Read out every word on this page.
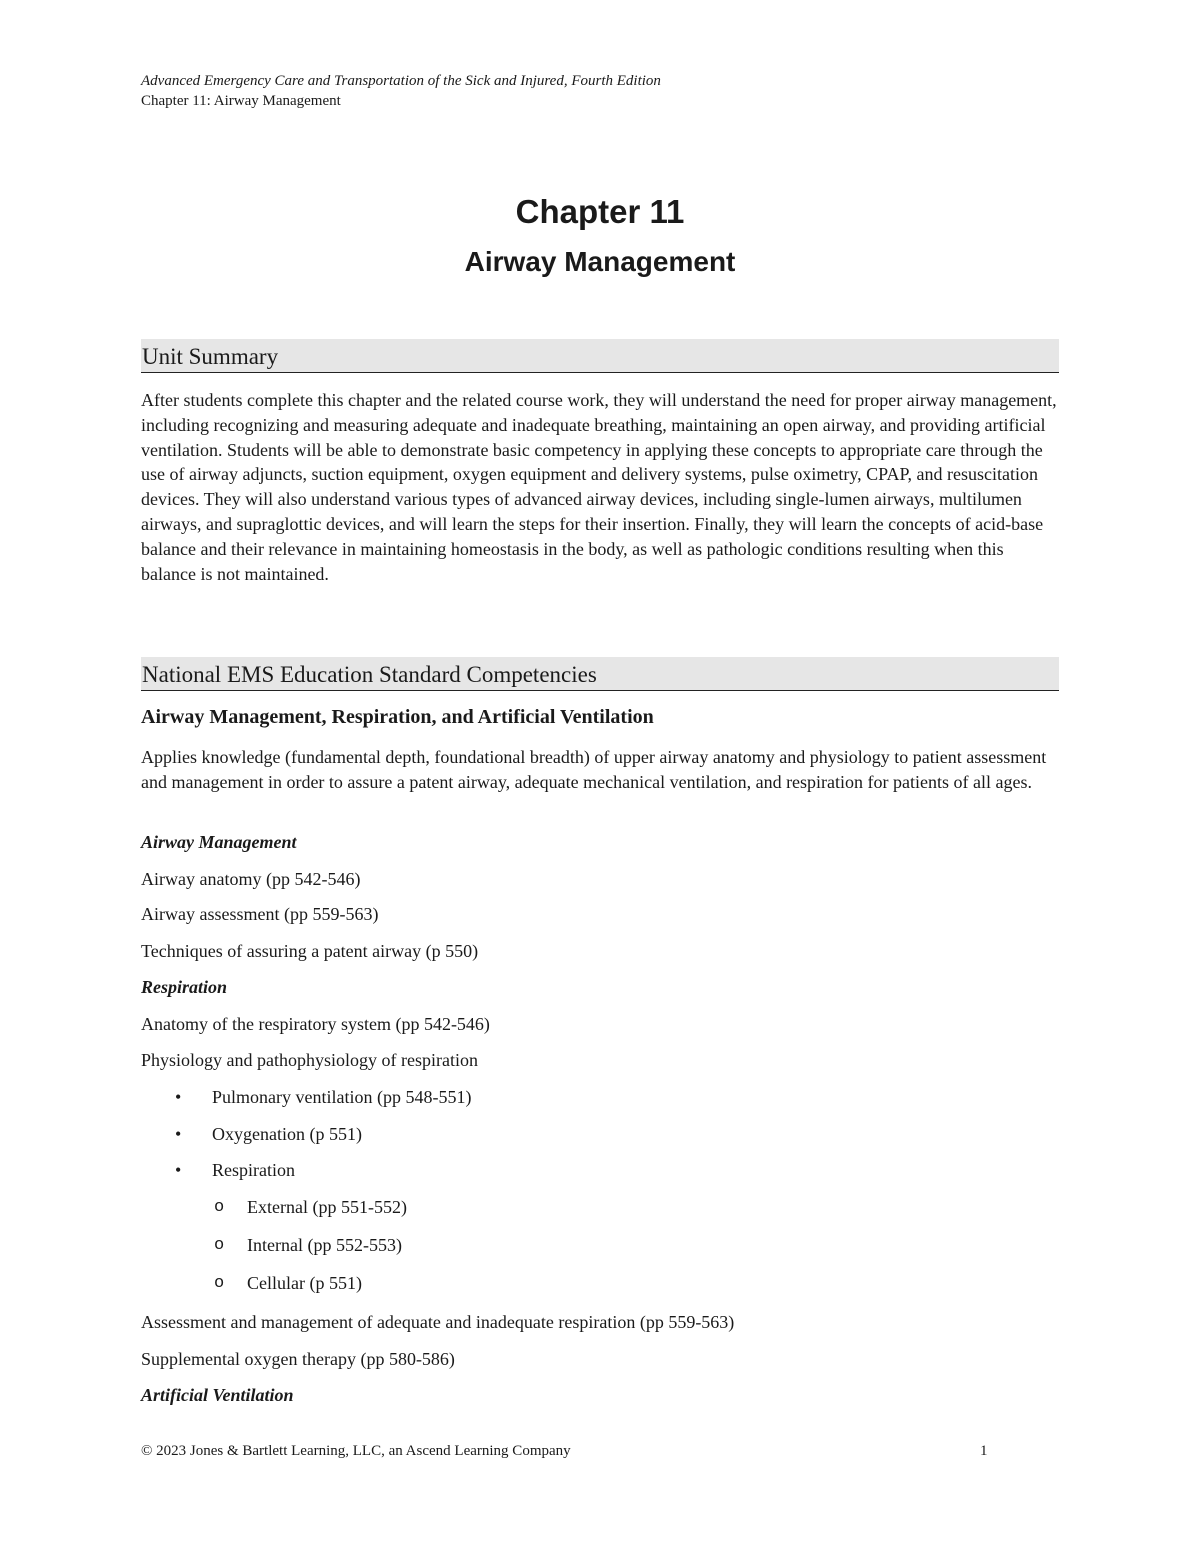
Advanced Emergency Care and Transportation of the Sick and Injured, Fourth Edition
Chapter 11: Airway Management
Chapter 11
Airway Management
Unit Summary

After students complete this chapter and the related course work, they will understand the need for proper airway management, including recognizing and measuring adequate and inadequate breathing, maintaining an open airway, and providing artificial ventilation. Students will be able to demonstrate basic competency in applying these concepts to appropriate care through the use of airway adjuncts, suction equipment, oxygen equipment and delivery systems, pulse oximetry, CPAP, and resuscitation devices. They will also understand various types of advanced airway devices, including single-lumen airways, multilumen airways, and supraglottic devices, and will learn the steps for their insertion. Finally, they will learn the concepts of acid-base balance and their relevance in maintaining homeostasis in the body, as well as pathologic conditions resulting when this balance is not maintained.

National EMS Education Standard Competencies
Airway Management, Respiration, and Artificial Ventilation

Applies knowledge (fundamental depth, foundational breadth) of upper airway anatomy and physiology to patient assessment and management in order to assure a patent airway, adequate mechanical ventilation, and respiration for patients of all ages.

Airway Management
Airway anatomy (pp 542-546)
Airway assessment (pp 559-563)
Techniques of assuring a patent airway (p 550)
Respiration
Anatomy of the respiratory system (pp 542-546)
Physiology and pathophysiology of respiration
• Pulmonary ventilation (pp 548-551)
• Oxygenation (p 551)
• Respiration
o External (pp 551-552)
o Internal (pp 552-553)
o Cellular (p 551)
Assessment and management of adequate and inadequate respiration (pp 559-563)
Supplemental oxygen therapy (pp 580-586)
Artificial Ventilation
© 2023 Jones & Bartlett Learning, LLC, an Ascend Learning Company	1
